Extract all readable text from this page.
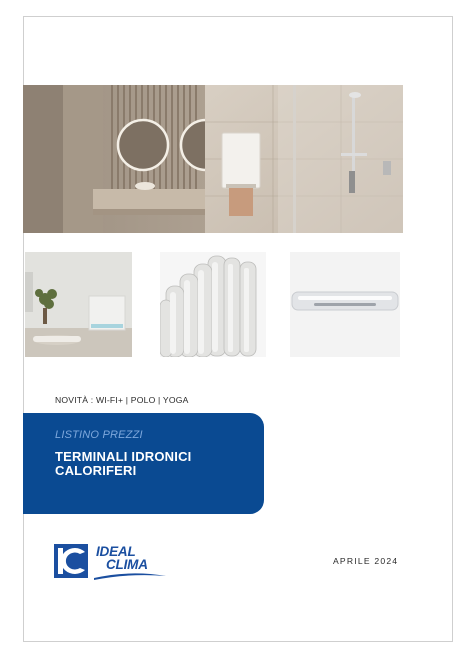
NOVITÀ : WI-FI+ | POLO | YOGA
LISTINO PREZZI
TERMINALI IDRONICI
CALORIFERI
IDEAL
CLIMA	APRILE 2024
